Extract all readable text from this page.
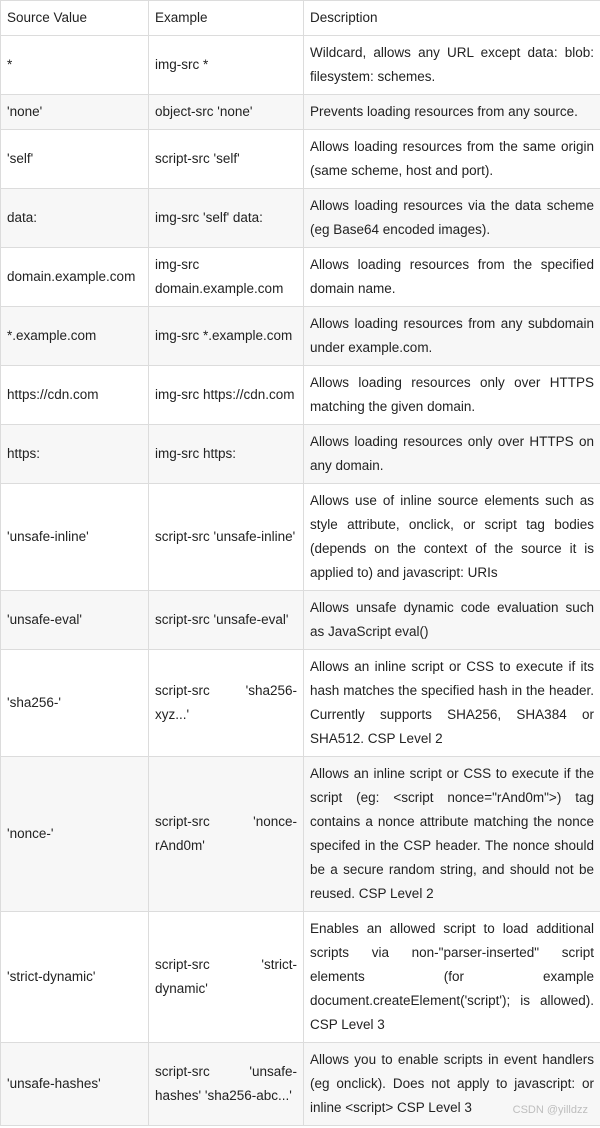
Source Value	Example	Description
*	img-src *	Wildcard, allows any URL except data: blob: filesystem: schemes.
'none'	object-src 'none'	Prevents loading resources from any source.
'self'	script-src 'self'	Allows loading resources from the same origin (same scheme, host and port).
data:	img-src 'self' data:	Allows loading resources via the data scheme (eg Base64 encoded images).
domain.example.com	img-src domain.example.com	Allows loading resources from the specified domain name.
*.example.com	img-src *.example.com	Allows loading resources from any subdomain under example.com.
https://cdn.com	img-src https://cdn.com	Allows loading resources only over HTTPS matching the given domain.
https:	img-src https:	Allows loading resources only over HTTPS on any domain.
'unsafe-inline'	script-src 'unsafe-inline'	Allows use of inline source elements such as style attribute, onclick, or script tag bodies (depends on the context of the source it is applied to) and javascript: URIs
'unsafe-eval'	script-src 'unsafe-eval'	Allows unsafe dynamic code evaluation such as JavaScript eval()
'sha256-'	script-src 'sha256-xyz...'	Allows an inline script or CSS to execute if its hash matches the specified hash in the header. Currently supports SHA256, SHA384 or SHA512. CSP Level 2
'nonce-'	script-src 'nonce-rAnd0m'	Allows an inline script or CSS to execute if the script (eg: <script nonce="rAnd0m">) tag contains a nonce attribute matching the nonce specifed in the CSP header. The nonce should be a secure random string, and should not be reused. CSP Level 2
'strict-dynamic'	script-src 'strict-dynamic'	Enables an allowed script to load additional scripts via non-"parser-inserted" script elements (for example document.createElement('script'); is allowed). CSP Level 3
'unsafe-hashes'	script-src 'unsafe-hashes' 'sha256-abc...'	Allows you to enable scripts in event handlers (eg onclick). Does not apply to javascript: or inline <script> CSP Level 3	CSDN @yilldzz
